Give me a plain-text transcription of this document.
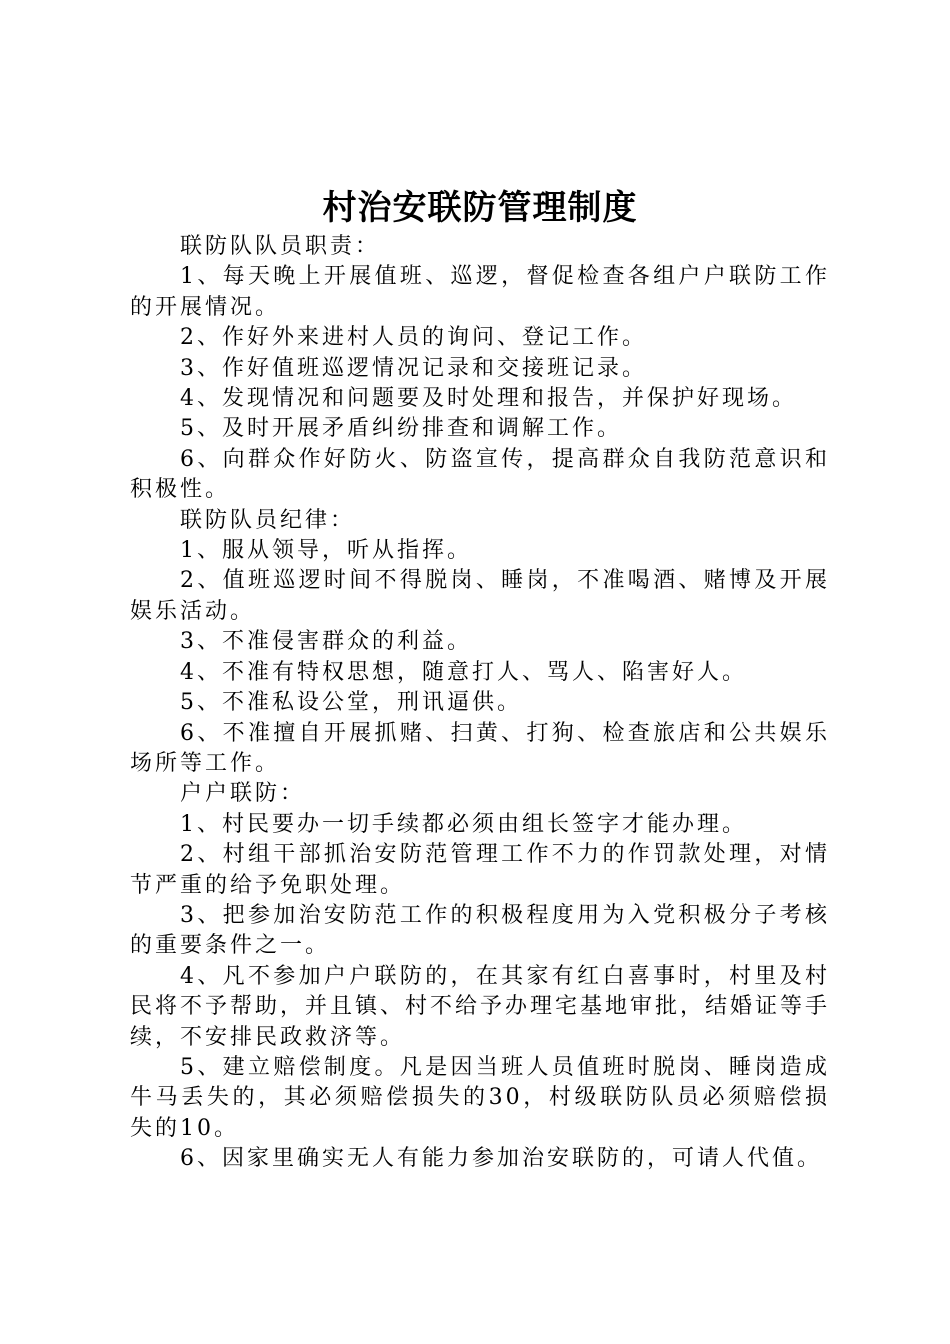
村治安联防管理制度

联防队队员职责：

1、每天晚上开展值班、巡逻，督促检查各组户户联防工作的开展情况。

2、作好外来进村人员的询问、登记工作。

3、作好值班巡逻情况记录和交接班记录。

4、发现情况和问题要及时处理和报告，并保护好现场。

5、及时开展矛盾纠纷排查和调解工作。

6、向群众作好防火、防盗宣传，提高群众自我防范意识和积极性。

联防队员纪律：

1、服从领导，听从指挥。

2、值班巡逻时间不得脱岗、睡岗，不准喝酒、赌博及开展娱乐活动。

3、不准侵害群众的利益。

4、不准有特权思想，随意打人、骂人、陷害好人。

5、不准私设公堂，刑讯逼供。

6、不准擅自开展抓赌、扫黄、打狗、检查旅店和公共娱乐场所等工作。

户户联防：

1、村民要办一切手续都必须由组长签字才能办理。

2、村组干部抓治安防范管理工作不力的作罚款处理，对情节严重的给予免职处理。

3、把参加治安防范工作的积极程度用为入党积极分子考核的重要条件之一。

4、凡不参加户户联防的，在其家有红白喜事时，村里及村民将不予帮助，并且镇、村不给予办理宅基地审批，结婚证等手续，不安排民政救济等。

5、建立赔偿制度。凡是因当班人员值班时脱岗、睡岗造成牛马丢失的，其必须赔偿损失的30，村级联防队员必须赔偿损失的10。

6、因家里确实无人有能力参加治安联防的，可请人代值。
